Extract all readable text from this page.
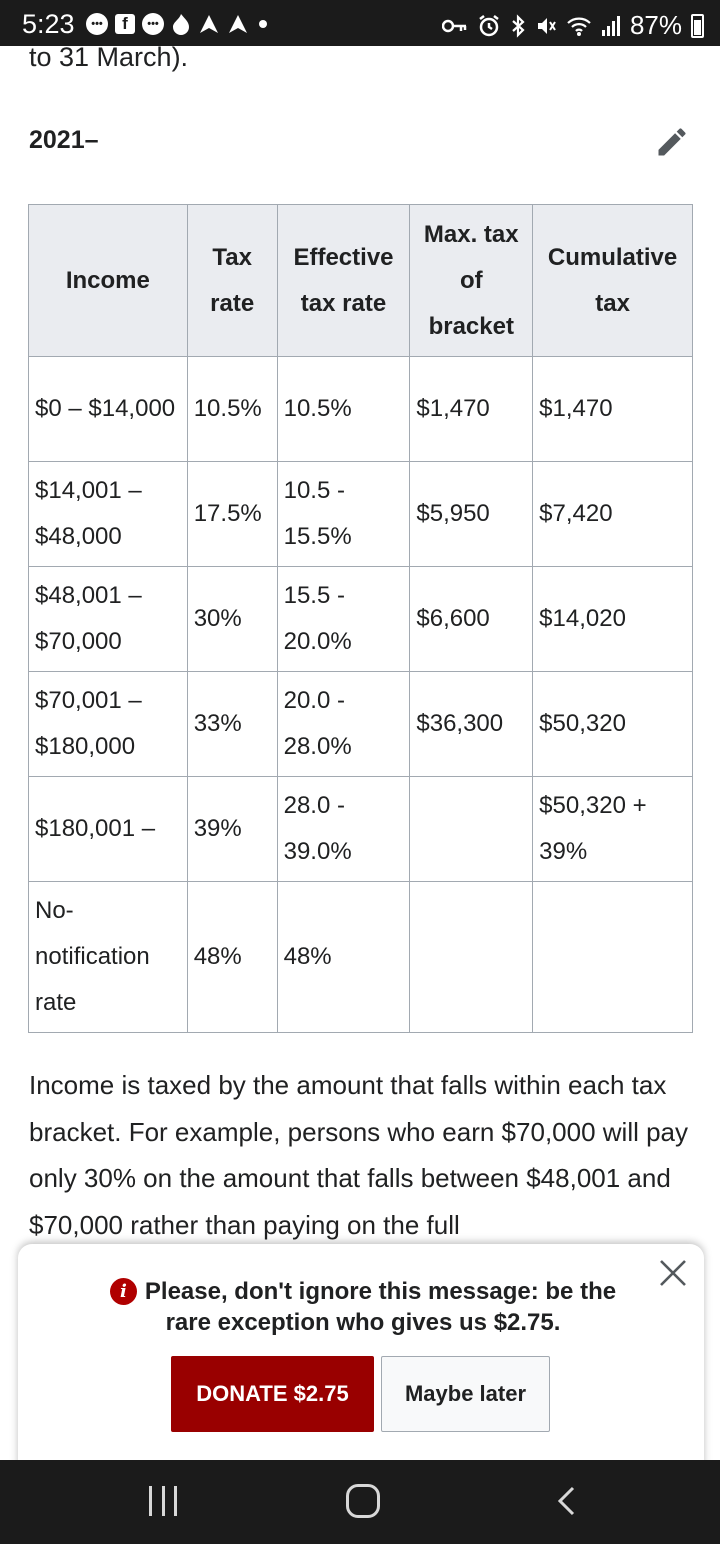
5:23	•••	f	•••	87%
to 31 March).
2021–
Income	Tax rate	Effective tax rate	Max. tax of bracket	Cumulative tax
$0 – $14,000	10.5%	10.5%	$1,470	$1,470
$14,001 – $48,000	17.5%	10.5 - 15.5%	$5,950	$7,420
$48,001 – $70,000	30%	15.5 - 20.0%	$6,600	$14,020
$70,001 – $180,000	33%	20.0 - 28.0%	$36,300	$50,320
$180,001 –	39%	28.0 - 39.0%		$50,320 + 39%
No-notification rate	48%	48%		

Income is taxed by the amount that falls within each tax bracket. For example, persons who earn $70,000 will pay only 30% on the amount that falls between $48,001 and $70,000 rather than paying on the full

i Please, don't ignore this message: be the rare exception who gives us $2.75.
DONATE $2.75	Maybe later
